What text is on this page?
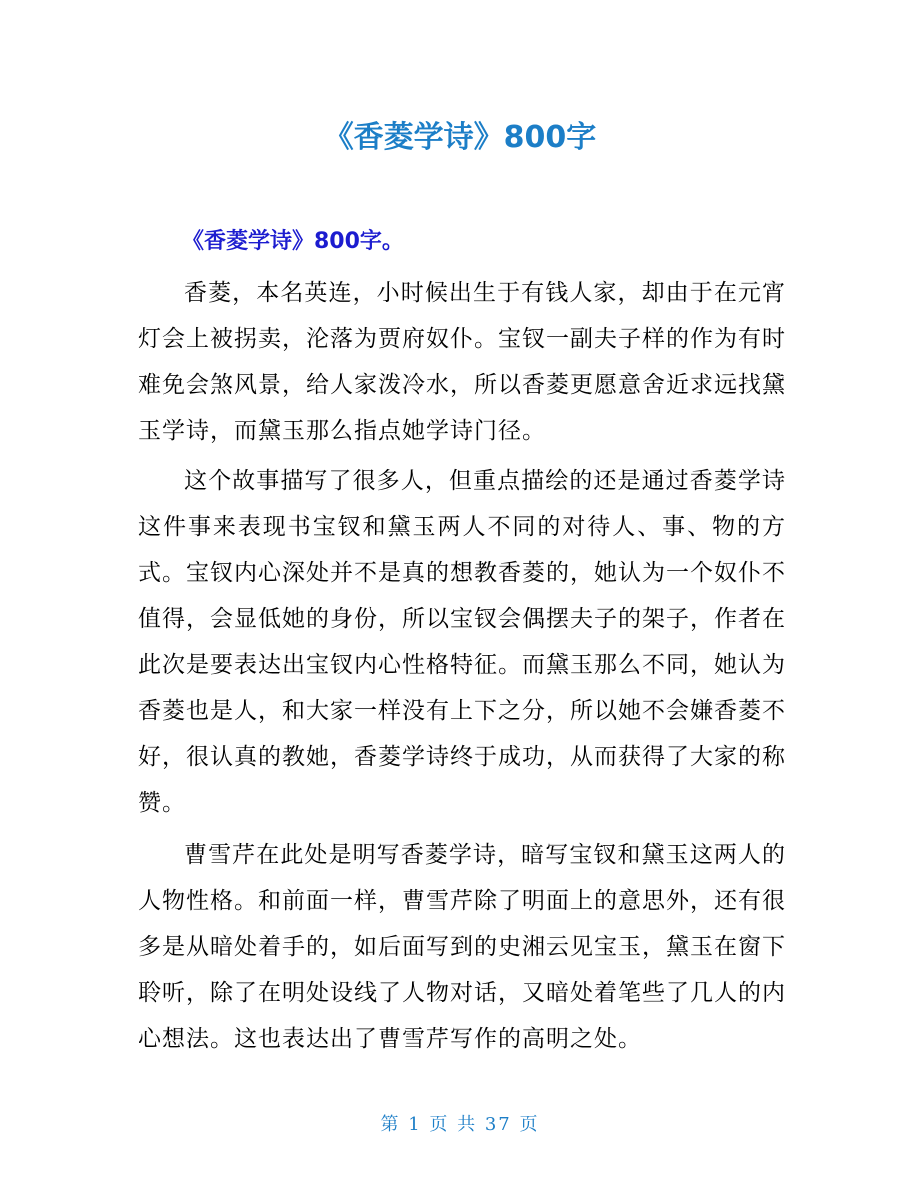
《香菱学诗》800字

《香菱学诗》800字。

香菱，本名英连，小时候出生于有钱人家，却由于在元宵灯会上被拐卖，沦落为贾府奴仆。宝钗一副夫子样的作为有时难免会煞风景，给人家泼冷水，所以香菱更愿意舍近求远找黛玉学诗，而黛玉那么指点她学诗门径。

这个故事描写了很多人，但重点描绘的还是通过香菱学诗这件事来表现书宝钗和黛玉两人不同的对待人、事、物的方式。宝钗内心深处并不是真的想教香菱的，她认为一个奴仆不值得，会显低她的身份，所以宝钗会偶摆夫子的架子，作者在此次是要表达出宝钗内心性格特征。而黛玉那么不同，她认为香菱也是人，和大家一样没有上下之分，所以她不会嫌香菱不好，很认真的教她，香菱学诗终于成功，从而获得了大家的称赞。

曹雪芹在此处是明写香菱学诗，暗写宝钗和黛玉这两人的人物性格。和前面一样，曹雪芹除了明面上的意思外，还有很多是从暗处着手的，如后面写到的史湘云见宝玉，黛玉在窗下聆听，除了在明处设线了人物对话，又暗处着笔些了几人的内心想法。这也表达出了曹雪芹写作的高明之处。

第 1 页 共 37 页
